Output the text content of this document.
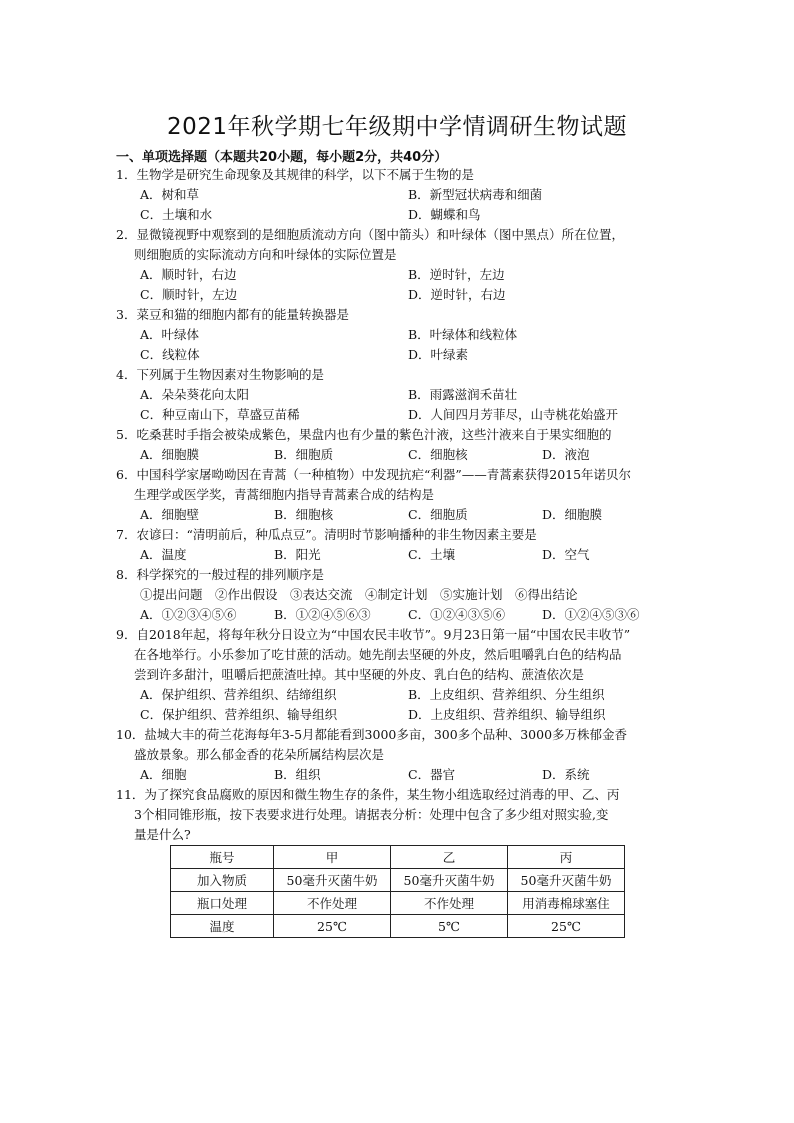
2021年秋学期七年级期中学情调研生物试题
一、单项选择题（本题共20小题，每小题2分，共40分）
1．生物学是研究生命现象及其规律的科学，以下不属于生物的是
A．树和草	B．新型冠状病毒和细菌
C．土壤和水	D．蝴蝶和鸟
2．显微镜视野中观察到的是细胞质流动方向（图中箭头）和叶绿体（图中黑点）所在位置，
则细胞质的实际流动方向和叶绿体的实际位置是
A．顺时针，右边	B．逆时针，左边
C．顺时针，左边	D．逆时针，右边
3．菜豆和猫的细胞内都有的能量转换器是
A．叶绿体	B．叶绿体和线粒体
C．线粒体	D．叶绿素
4．下列属于生物因素对生物影响的是
A．朵朵葵花向太阳	B．雨露滋润禾苗壮
C．种豆南山下，草盛豆苗稀	D．人间四月芳菲尽，山寺桃花始盛开
5．吃桑葚时手指会被染成紫色，果盘内也有少量的紫色汁液，这些汁液来自于果实细胞的
A．细胞膜	B．细胞质	C．细胞核	D．液泡
6．中国科学家屠呦呦因在青蒿（一种植物）中发现抗疟“利器”——青蒿素获得2015年诺贝尔
生理学或医学奖，青蒿细胞内指导青蒿素合成的结构是
A．细胞壁	B．细胞核	C．细胞质	D．细胞膜
7．农谚曰：“清明前后，种瓜点豆”。清明时节影响播种的非生物因素主要是
A．温度	B．阳光	C．土壤	D．空气
8．科学探究的一般过程的排列顺序是
①提出问题　②作出假设　③表达交流　④制定计划　⑤实施计划　⑥得出结论
A．①②③④⑤⑥	B．①②④⑤⑥③	C．①②④③⑤⑥	D．①②④⑤③⑥
9．自2018年起，将每年秋分日设立为“中国农民丰收节”。9月23日第一届“中国农民丰收节”
在各地举行。小乐参加了吃甘蔗的活动。她先削去坚硬的外皮，然后咀嚼乳白色的结构品
尝到许多甜汁，咀嚼后把蔗渣吐掉。其中坚硬的外皮、乳白色的结构、蔗渣依次是
A．保护组织、营养组织、结缔组织	B．上皮组织、营养组织、分生组织
C．保护组织、营养组织、输导组织	D．上皮组织、营养组织、输导组织
10．盐城大丰的荷兰花海每年3-5月都能看到3000多亩，300多个品种、3000多万株郁金香
盛放景象。那么郁金香的花朵所属结构层次是
A．细胞	B．组织	C．器官	D．系统
11．为了探究食品腐败的原因和微生物生存的条件，某生物小组选取经过消毒的甲、乙、丙
3个相同锥形瓶，按下表要求进行处理。请据表分析：处理中包含了多少组对照实验,变
量是什么?
瓶号	甲	乙	丙
加入物质	50毫升灭菌牛奶	50毫升灭菌牛奶	50毫升灭菌牛奶
瓶口处理	不作处理	不作处理	用消毒棉球塞住
温度	25℃	5℃	25℃
